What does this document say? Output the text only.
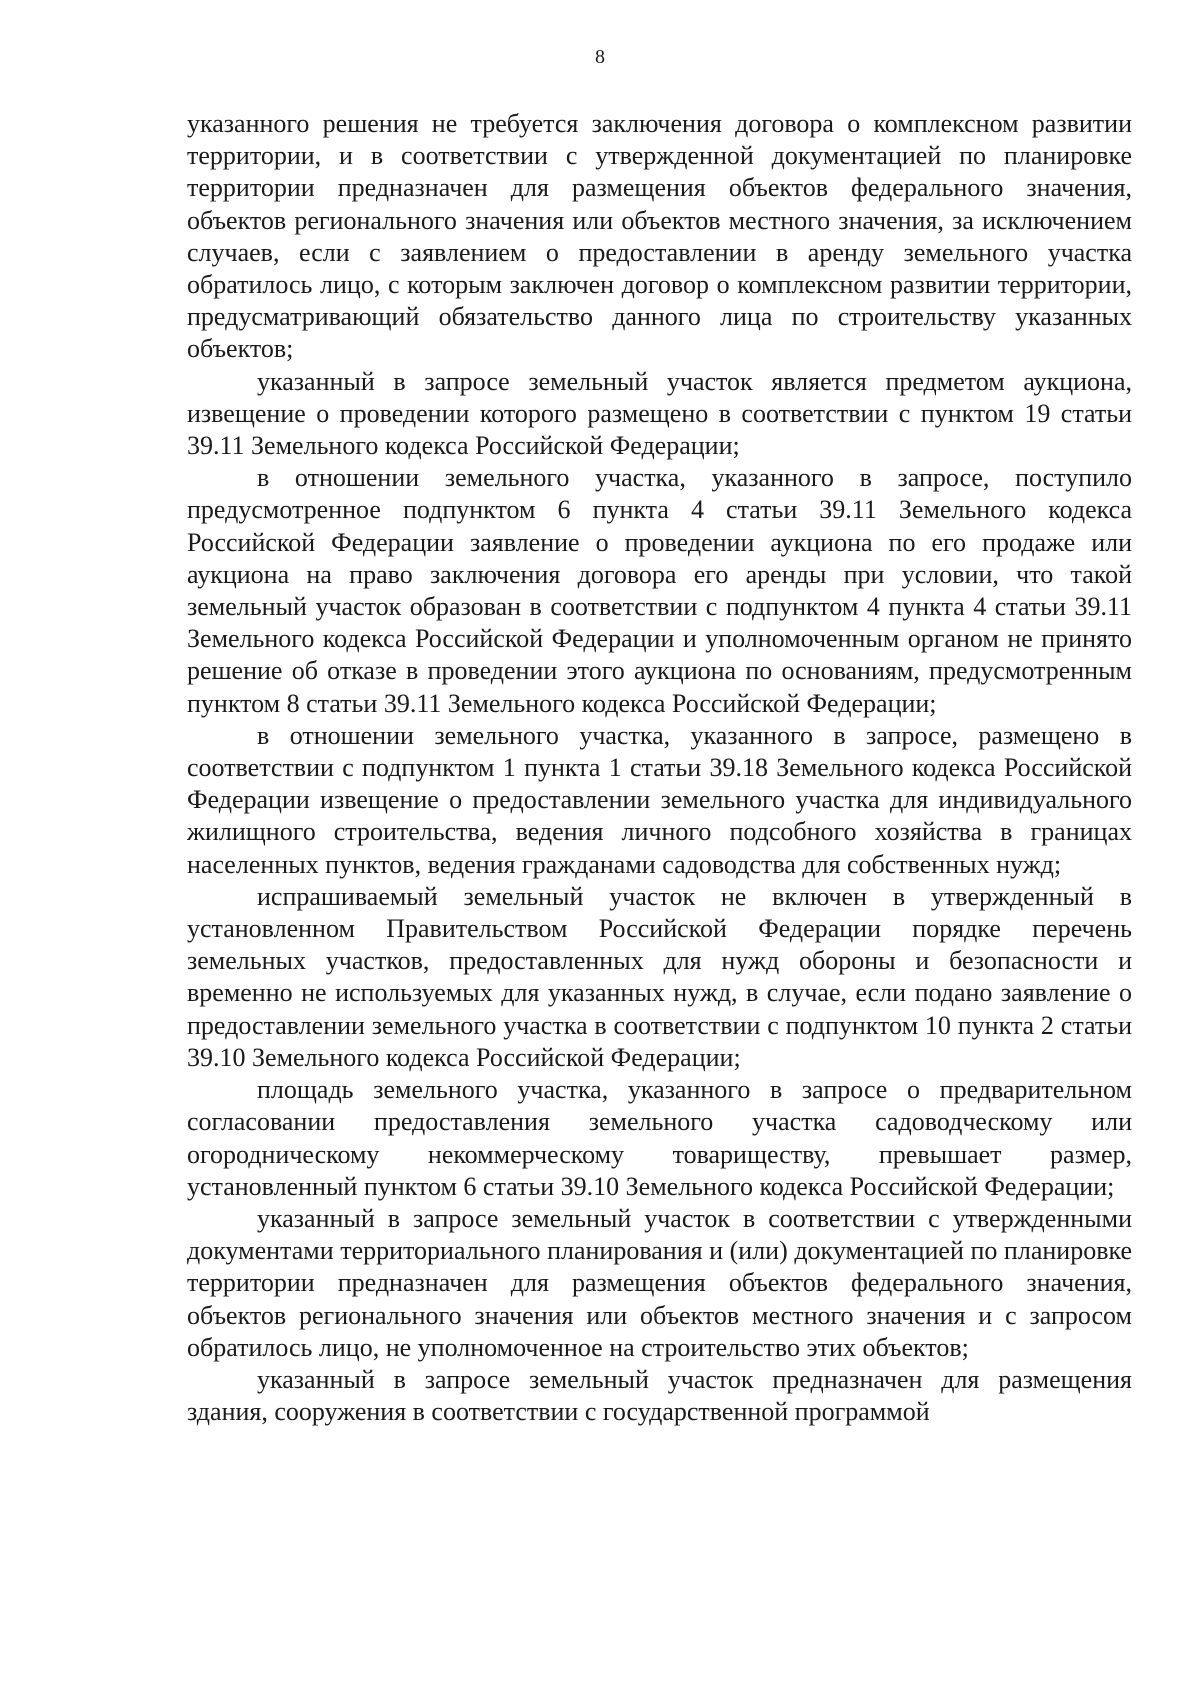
8

указанного решения не требуется заключения договора о комплексном развитии территории, и в соответствии с утвержденной документацией по планировке территории предназначен для размещения объектов федерального значения, объектов регионального значения или объектов местного значения, за исключением случаев, если с заявлением о предоставлении в аренду земельного участка обратилось лицо, с которым заключен договор о комплексном развитии территории, предусматривающий обязательство данного лица по строительству указанных объектов;

указанный в запросе земельный участок является предметом аукциона, извещение о проведении которого размещено в соответствии с пунктом 19 статьи 39.11 Земельного кодекса Российской Федерации;

в отношении земельного участка, указанного в запросе, поступило предусмотренное подпунктом 6 пункта 4 статьи 39.11 Земельного кодекса Российской Федерации заявление о проведении аукциона по его продаже или аукциона на право заключения договора его аренды при условии, что такой земельный участок образован в соответствии с подпунктом 4 пункта 4 статьи 39.11 Земельного кодекса Российской Федерации и уполномоченным органом не принято решение об отказе в проведении этого аукциона по основаниям, предусмотренным пунктом 8 статьи 39.11 Земельного кодекса Российской Федерации;

в отношении земельного участка, указанного в запросе, размещено в соответствии с подпунктом 1 пункта 1 статьи 39.18 Земельного кодекса Российской Федерации извещение о предоставлении земельного участка для индивидуального жилищного строительства, ведения личного подсобного хозяйства в границах населенных пунктов, ведения гражданами садоводства для собственных нужд;

испрашиваемый земельный участок не включен в утвержденный в установленном Правительством Российской Федерации порядке перечень земельных участков, предоставленных для нужд обороны и безопасности и временно не используемых для указанных нужд, в случае, если подано заявление о предоставлении земельного участка в соответствии с подпунктом 10 пункта 2 статьи 39.10 Земельного кодекса Российской Федерации;

площадь земельного участка, указанного в запросе о предварительном согласовании предоставления земельного участка садоводческому или огородническому некоммерческому товариществу, превышает размер, установленный пунктом 6 статьи 39.10 Земельного кодекса Российской Федерации;

указанный в запросе земельный участок в соответствии с утвержденными документами территориального планирования и (или) документацией по планировке территории предназначен для размещения объектов федерального значения, объектов регионального значения или объектов местного значения и с запросом обратилось лицо, не уполномоченное на строительство этих объектов;

указанный в запросе земельный участок предназначен для размещения здания, сооружения в соответствии с государственной программой
